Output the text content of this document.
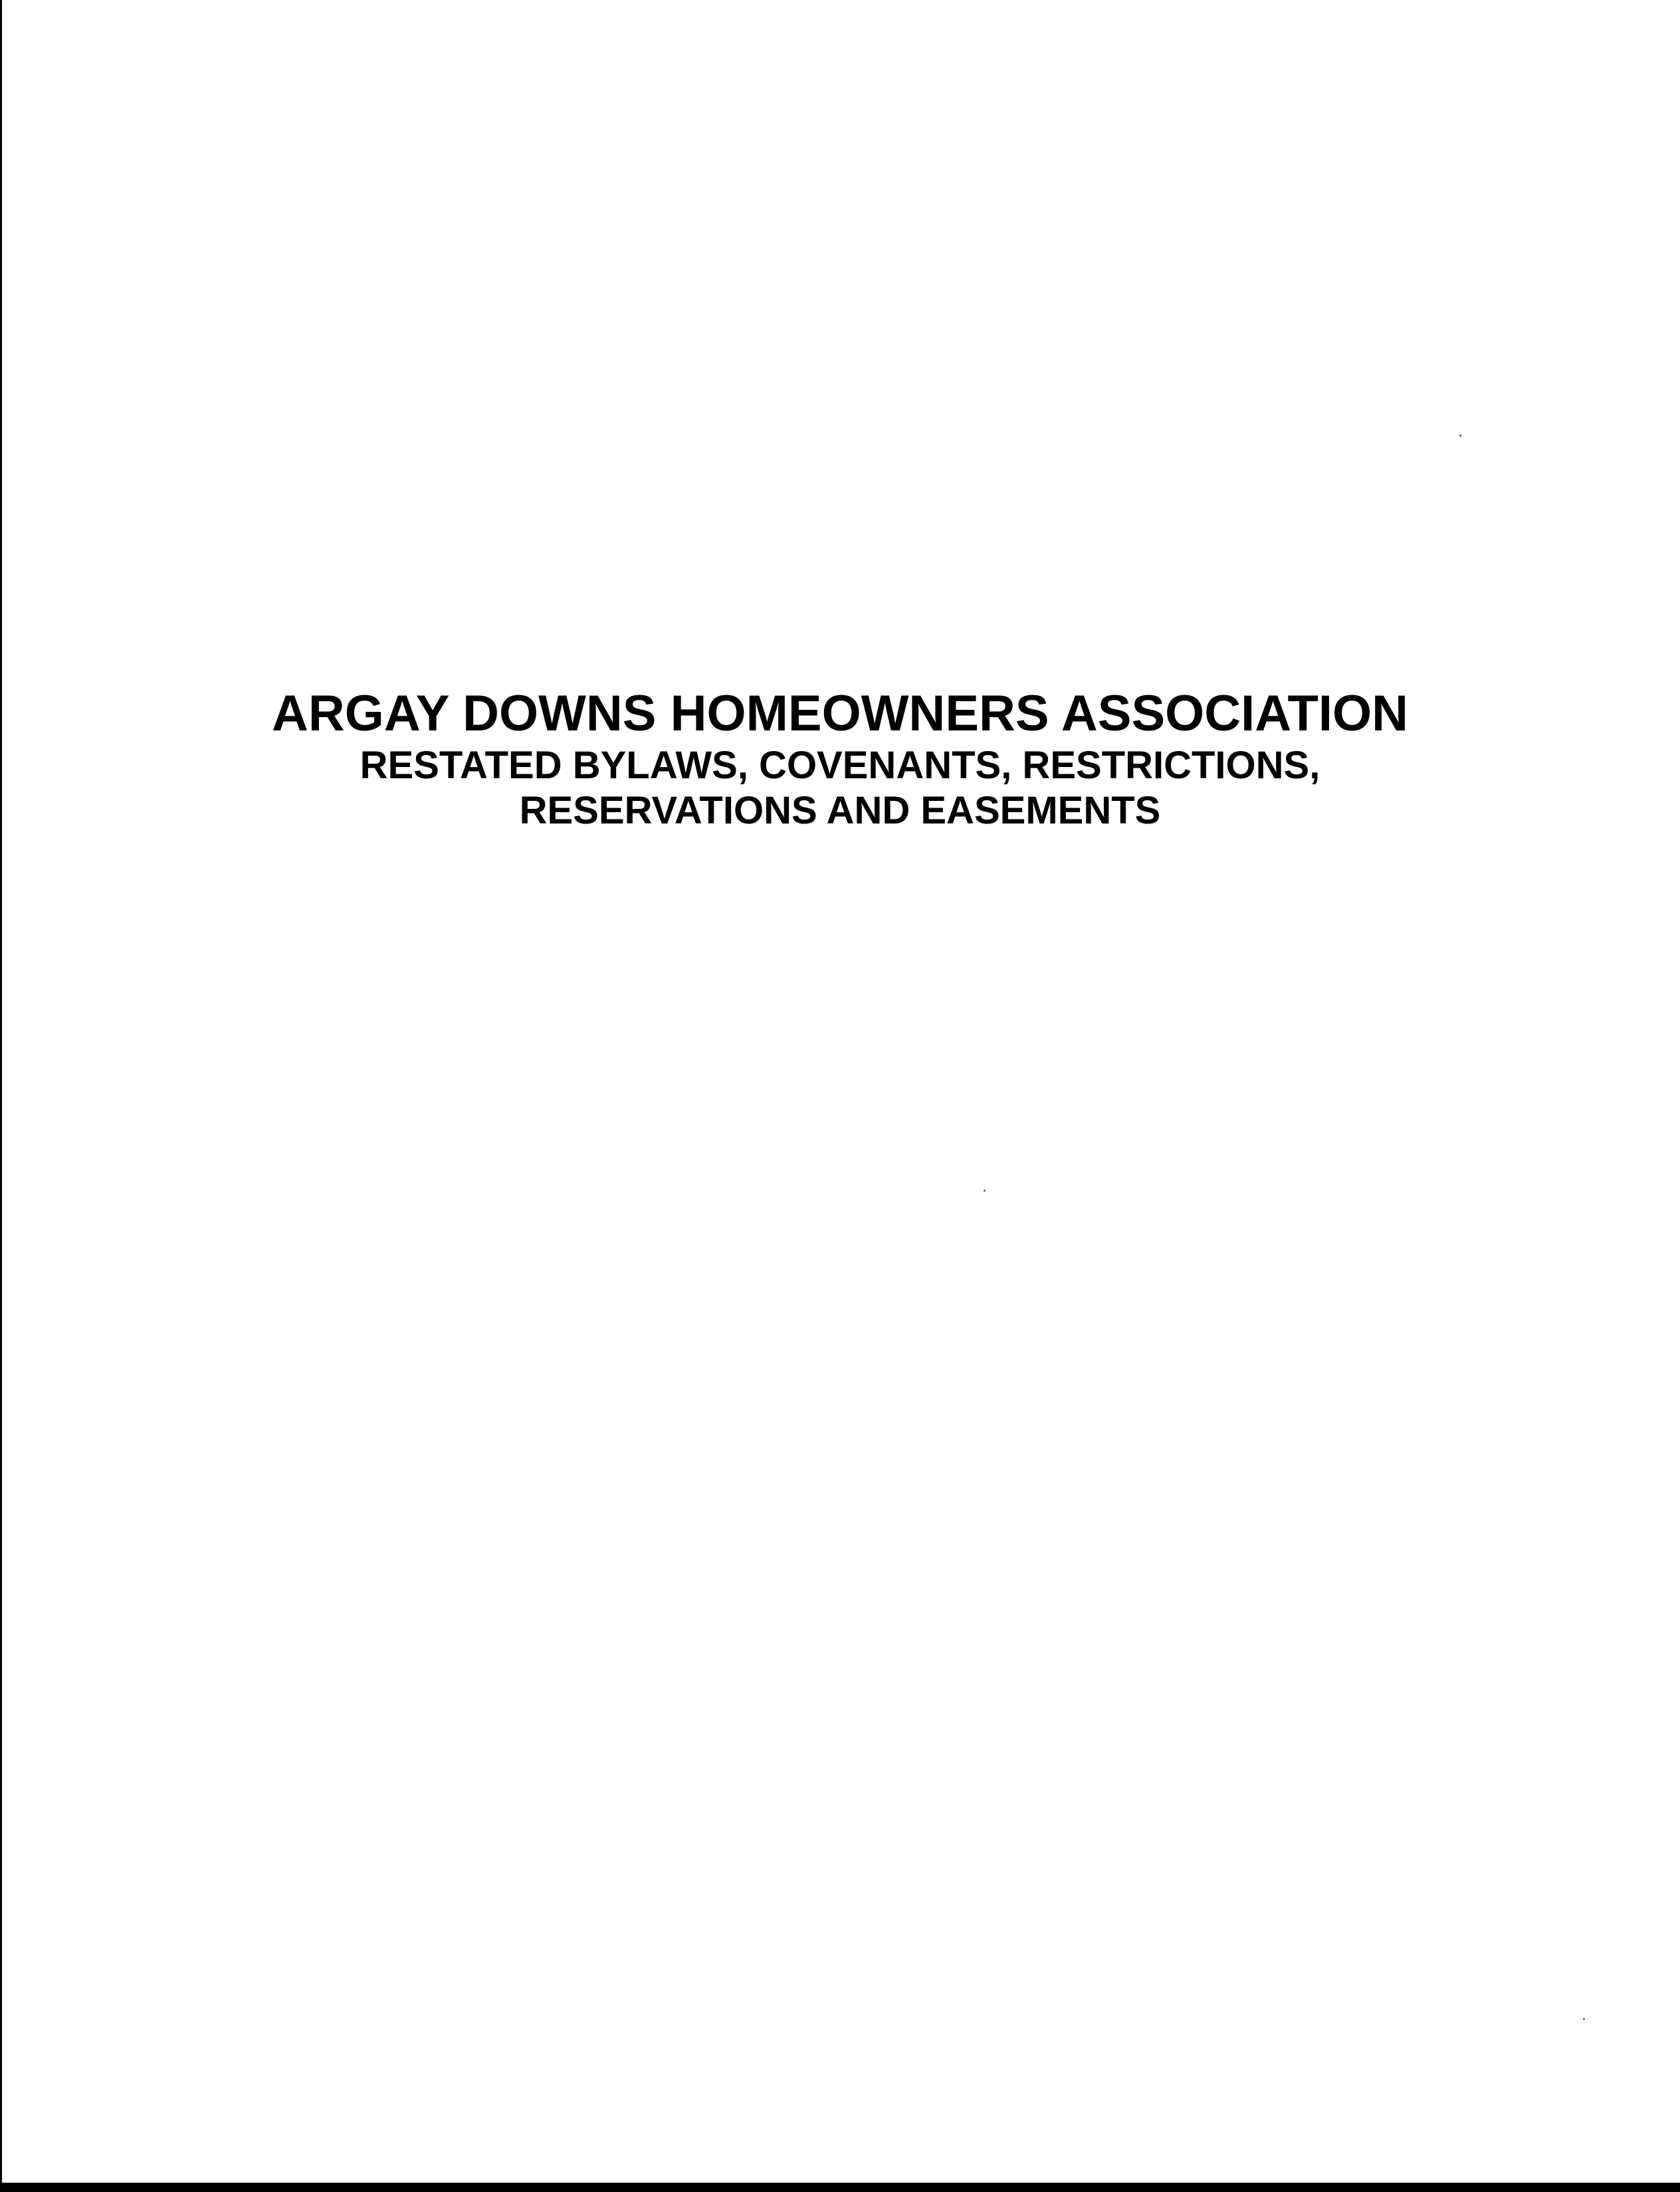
ARGAY DOWNS HOMEOWNERS ASSOCIATION
RESTATED BYLAWS, COVENANTS, RESTRICTIONS,
RESERVATIONS AND EASEMENTS
